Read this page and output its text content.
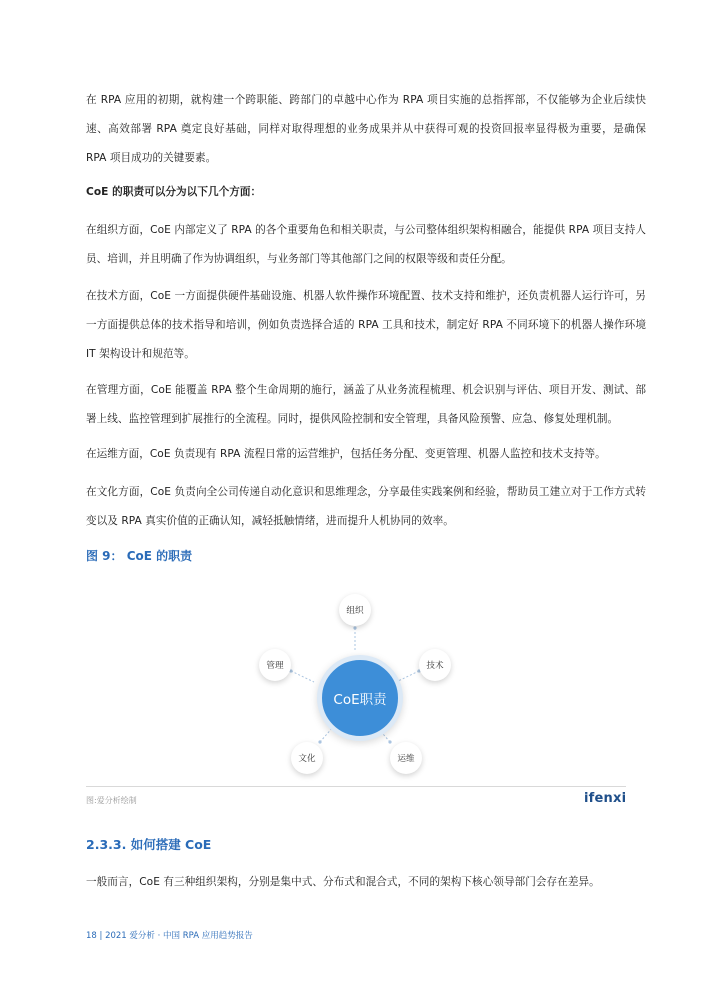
在 RPA 应用的初期，就构建一个跨职能、跨部门的卓越中心作为 RPA 项目实施的总指挥部，不仅能够为企业后续快速、高效部署 RPA 奠定良好基础，同样对取得理想的业务成果并从中获得可观的投资回报率显得极为重要，是确保 RPA 项目成功的关键要素。

CoE 的职责可以分为以下几个方面：

在组织方面，CoE 内部定义了 RPA 的各个重要角色和相关职责，与公司整体组织架构相融合，能提供 RPA 项目支持人员、培训，并且明确了作为协调组织，与业务部门等其他部门之间的权限等级和责任分配。

在技术方面，CoE 一方面提供硬件基础设施、机器人软件操作环境配置、技术支持和维护，还负责机器人运行许可，另一方面提供总体的技术指导和培训，例如负责选择合适的 RPA 工具和技术，制定好 RPA 不同环境下的机器人操作环境 IT 架构设计和规范等。

在管理方面，CoE 能覆盖 RPA 整个生命周期的施行，涵盖了从业务流程梳理、机会识别与评估、项目开发、测试、部署上线、监控管理到扩展推行的全流程。同时，提供风险控制和安全管理，具备风险预警、应急、修复处理机制。

在运维方面，CoE 负责现有 RPA 流程日常的运营维护，包括任务分配、变更管理、机器人监控和技术支持等。

在文化方面，CoE 负责向全公司传递自动化意识和思维理念，分享最佳实践案例和经验，帮助员工建立对于工作方式转变以及 RPA 真实价值的正确认知，减轻抵触情绪，进而提升人机协同的效率。

图 9： CoE 的职责

组织
技术
管理
文化	运维
CoE职责

图:爱分析绘制	ifenxi

2.3.3. 如何搭建 CoE

一般而言，CoE 有三种组织架构，分别是集中式、分布式和混合式，不同的架构下核心领导部门会存在差异。

18 | 2021 爱分析 · 中国 RPA 应用趋势报告
